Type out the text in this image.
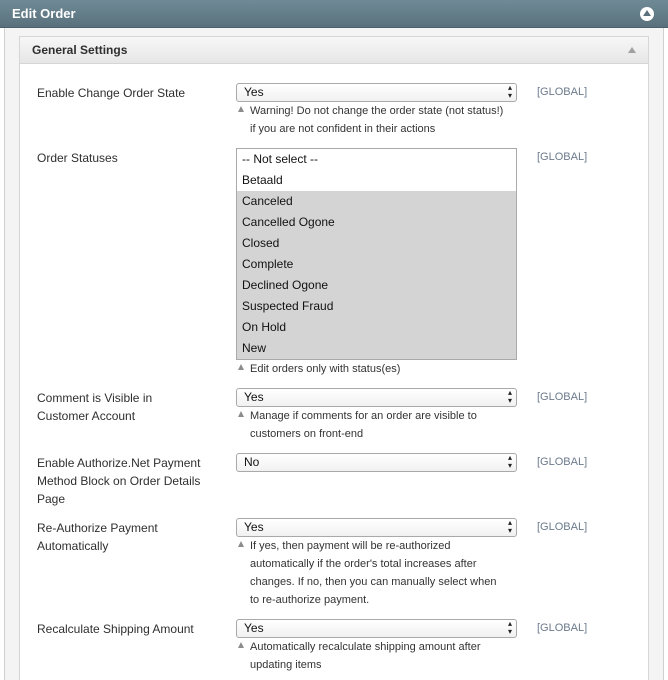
Edit Order
General Settings
Enable Change Order State	Yes ▴ ▾	[GLOBAL]
Warning! Do not change the order state (not status!)
if you are not confident in their actions
Order Statuses	-- Not select --
Betaald
Canceled
Cancelled Ogone
Closed
Complete
Declined Ogone
Suspected Fraud
On Hold
New
[GLOBAL]
Edit orders only with status(es)
Comment is Visible in
Customer Account
Yes ▴ ▾	[GLOBAL]
Manage if comments for an order are visible to
customers on front-end
Enable Authorize.Net Payment
Method Block on Order Details
Page
No ▴ ▾	[GLOBAL]
Re-Authorize Payment
Automatically
Yes ▴ ▾	[GLOBAL]
If yes, then payment will be re-authorized
automatically if the order's total increases after
changes. If no, then you can manually select when
to re-authorize payment.
Recalculate Shipping Amount	Yes ▴ ▾	[GLOBAL]
Automatically recalculate shipping amount after
updating items
